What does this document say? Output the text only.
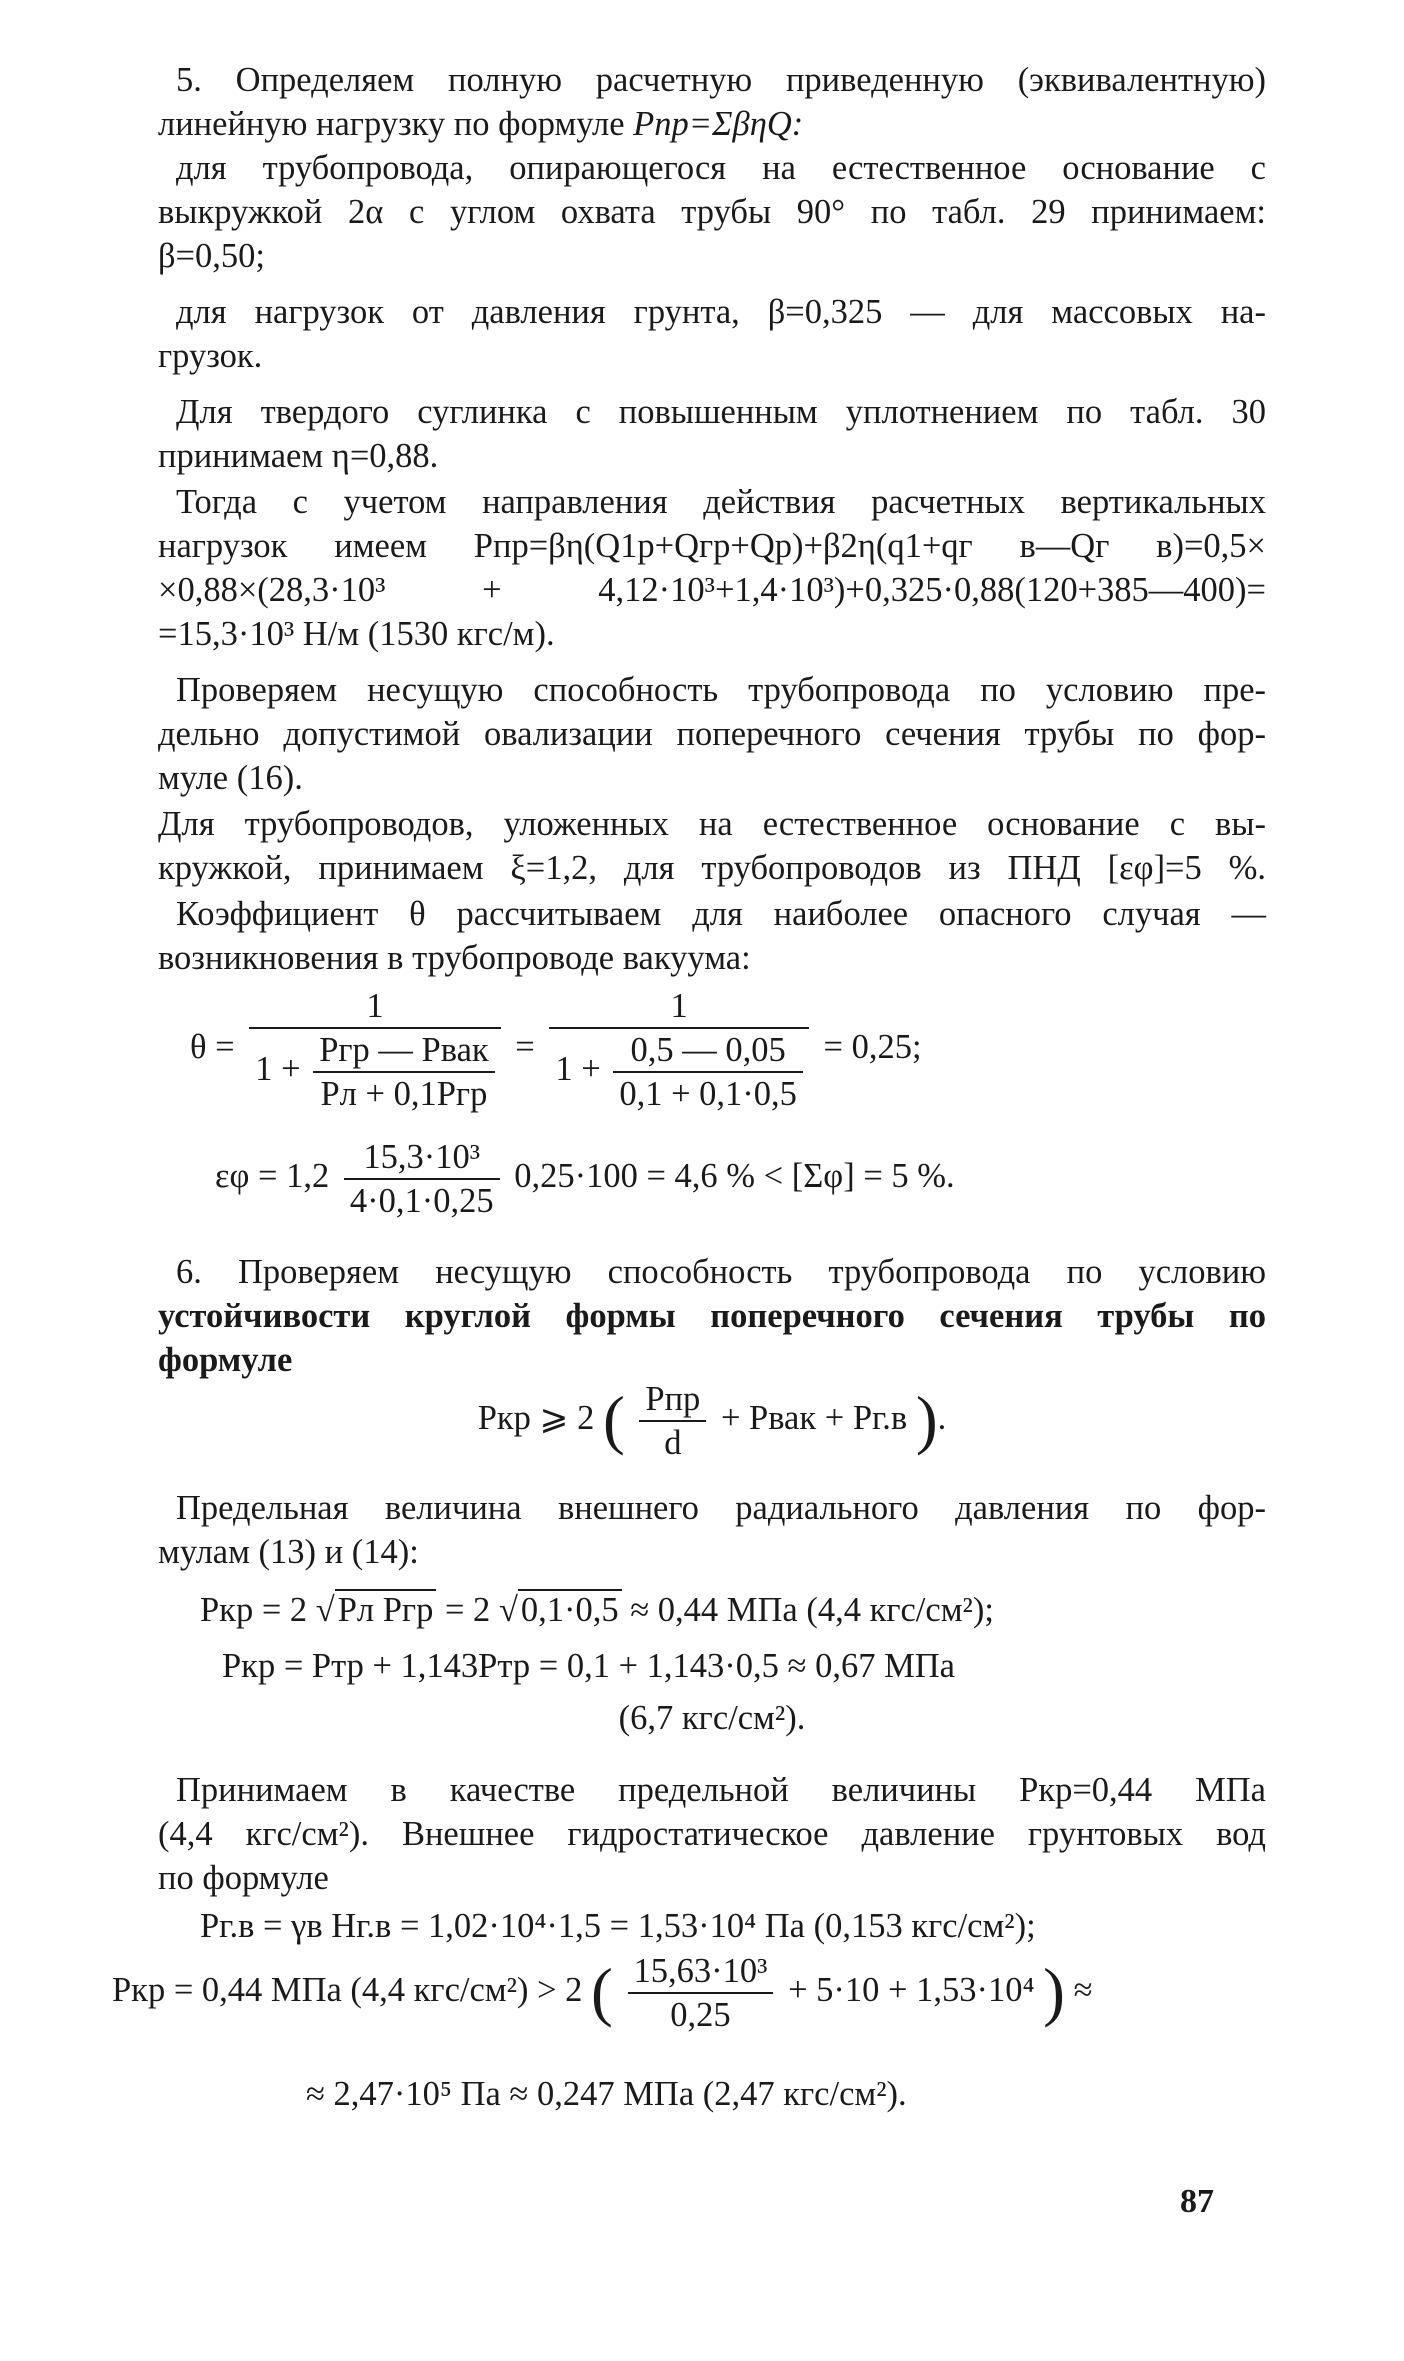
5. Определяем полную расчетную приведенную (эквивалентную)
линейную нагрузку по формуле Pпр=ΣβηQ:
для трубопровода, опирающегося на естественное основание с
выкружкой 2α с углом охвата трубы 90° по табл. 29 принимаем:
β=0,50;
для нагрузок от давления грунта, β=0,325 — для массовых на-
грузок.
Для твердого суглинка с повышенным уплотнением по табл. 30
принимаем η=0,88.
Тогда с учетом направления действия расчетных вертикальных
нагрузок имеем Pпр=βη(Q1р+Qгр+Qр)+β2η(q1+qг в—Qг в)=0,5×
×0,88×(28,3·10³ + 4,12·10³+1,4·10³)+0,325·0,88(120+385—400)=
=15,3·10³ Н/м (1530 кгс/м).
Проверяем несущую способность трубопровода по условию пре-
дельно допустимой овализации поперечного сечения трубы по фор-
муле (16).
Для трубопроводов, уложенных на естественное основание с вы-
кружкой, принимаем ξ=1,2, для трубопроводов из ПНД [εφ]=5 %.
Коэффициент θ рассчитываем для наиболее опасного случая —
возникновения в трубопроводе вакуума:
$\theta = \frac{1}{1 + \frac{\text{Pгр — Pвак}}{\text{Pл + 0,1Pгр}}} = \frac{1}{1 + \frac{0,5 — 0,05}{0,1 + 0,1\cdot 0,5}} = 0,25$;
$\varepsilon\varphi = 1,2 \frac{\text{15,3·10³}}{4\cdot 0,1\cdot 0,25} 0,25\cdot 100 = 4,6$ % < [Σφ] = 5 %.
6. Проверяем несущую способность трубопровода по условию
устойчивости круглой формы поперечного сечения трубы по
формуле
Pкр ⩾ 2 ( $\frac{\text{Pпр}}{d}$ + Pвак + Pг.в ).
Предельная величина внешнего радиального давления по фор-
мулам (13) и (14):
Pкр = 2 √Pл Pгр = 2 √0,1·0,5 ≈ 0,44 МПа (4,4 кгс/см²);
Pкр = Pтр + 1,143Pтр = 0,1 + 1,143·0,5 ≈ 0,67 МПа
(6,7 кгс/см²).
Принимаем в качестве предельной величины Pкр=0,44 МПа
(4,4 кгс/см²). Внешнее гидростатическое давление грунтовых вод
по формуле
Pг.в = γв Hг.в = 1,02·10⁴·1,5 = 1,53·10⁴ Па (0,153 кгс/см²);
Pкр = 0,44 МПа (4,4 кгс/см²) > 2 ( $\frac{\text{15,63·10³}}{0,25} + 5\cdot 10 + 1,53\cdot 10^4$ ) ≈
≈ 2,47·10⁵ Па ≈ 0,247 МПа (2,47 кгс/см²).
87
